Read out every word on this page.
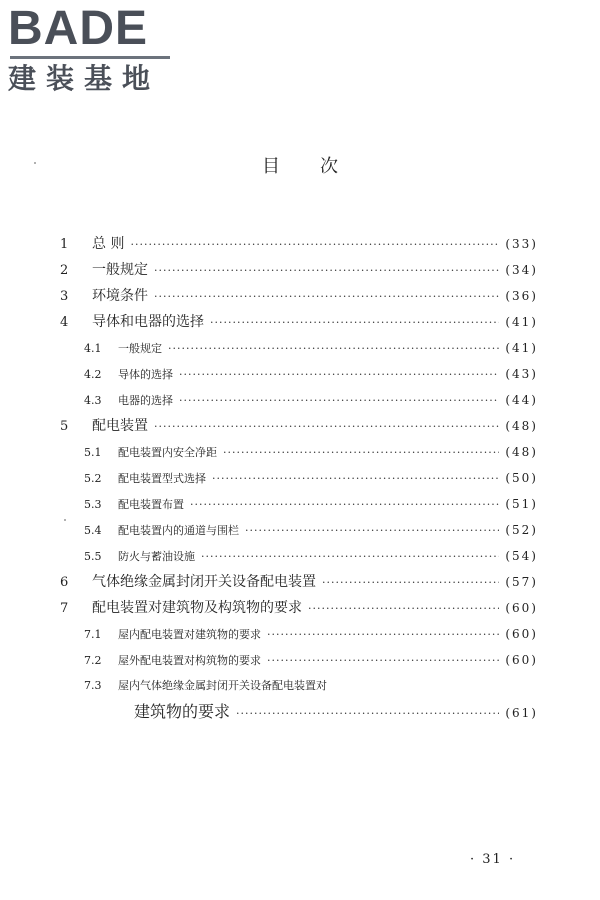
BADE
建装基地
目次
1	总 则 ·····	(33)
2	一般规定 ·····	(34)
3	环境条件 ·····	(36)
4	导体和电器的选择 ·····	(41)
4.1	一般规定 ·····	(41)
4.2	导体的选择 ·····	(43)
4.3	电器的选择 ·····	(44)
5	配电装置 ·····	(48)
5.1	配电装置内安全净距 ·····	(48)
5.2	配电装置型式选择 ·····	(50)
5.3	配电装置布置 ·····	(51)
5.4	配电装置内的通道与围栏 ·····	(52)
5.5	防火与蓄油设施 ·····	(54)
6	气体绝缘金属封闭开关设备配电装置 ·····	(57)
7	配电装置对建筑物及构筑物的要求 ·····	(60)
7.1	屋内配电装置对建筑物的要求 ·····	(60)
7.2	屋外配电装置对构筑物的要求 ·····	(60)
7.3	屋内气体绝缘金属封闭开关设备配电装置对
建筑物的要求 ·····	(61)
· 31 ·
